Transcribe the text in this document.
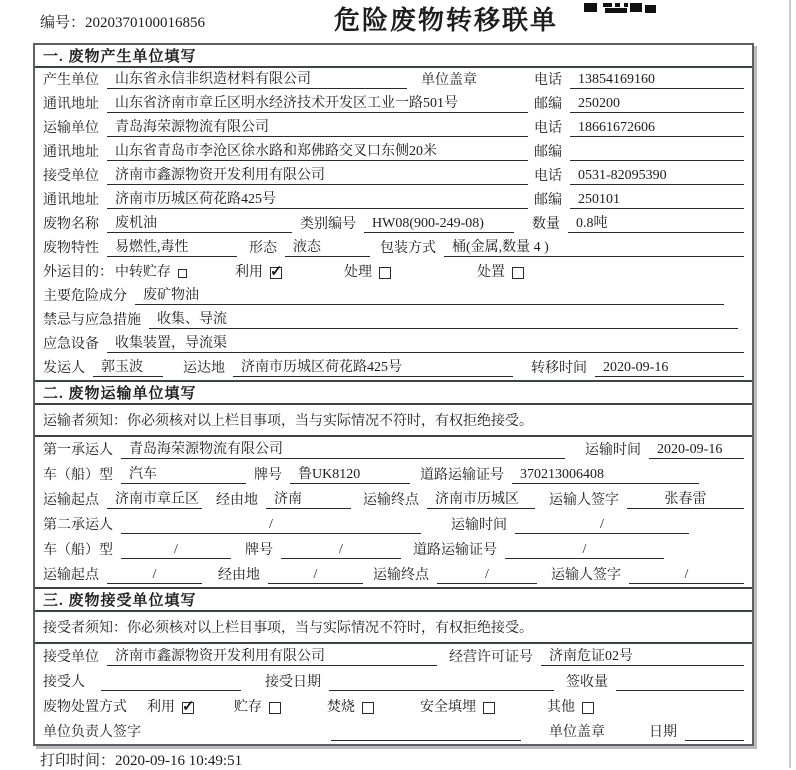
编号：2020370100016856	危险废物转移联单
一. 废物产生单位填写
产生单位	山东省永信非织造材料有限公司	单位盖章	电话	13854169160
通讯地址	山东省济南市章丘区明水经济技术开发区工业一路501号	邮编	250200
运输单位	青岛海荣源物流有限公司	电话	18661672606
通讯地址	山东省青岛市李沧区徐水路和郑佛路交叉口东侧20米	邮编
接受单位	济南市鑫源物资开发利用有限公司	电话	0531-82095390
通讯地址	济南市历城区荷花路425号	邮编	250101
废物名称	废机油	类别编号	HW08(900-249-08)	数量	0.8吨
废物特性	易燃性,毒性	形态	液态	包装方式	桶(金属,数量 4 )
外运目的： 中转贮存	利用 ✓	处理	处置
主要危险成分	废矿物油
禁忌与应急措施	收集、导流
应急设备	收集装置，导流渠
发运人	郭玉波	运达地	济南市历城区荷花路425号	转移时间	2020-09-16
二. 废物运输单位填写
运输者须知：你必须核对以上栏目事项，当与实际情况不符时，有权拒绝接受。
第一承运人	青岛海荣源物流有限公司	运输时间	2020-09-16
车（船）型	汽车	牌号	鲁UK8120	道路运输证号	370213006408
运输起点	济南市章丘区 经由地	济南	运输终点	济南市历城区	运输人签字	张春雷
第二承运人	/	运输时间	/
车（船）型	/	牌号	/	道路运输证号	/
运输起点	/	经由地	/	运输终点	/	运输人签字	/
三. 废物接受单位填写
接受者须知：你必须核对以上栏目事项，当与实际情况不符时，有权拒绝接受。
接受单位	济南市鑫源物资开发利用有限公司	经营许可证号	济南危证02号
接受人	接受日期	签收量
废物处置方式 利用 ✓	贮存	焚烧	安全填埋	其他
单位负责人签字	单位盖章	日期
打印时间：2020-09-16 10:49:51
